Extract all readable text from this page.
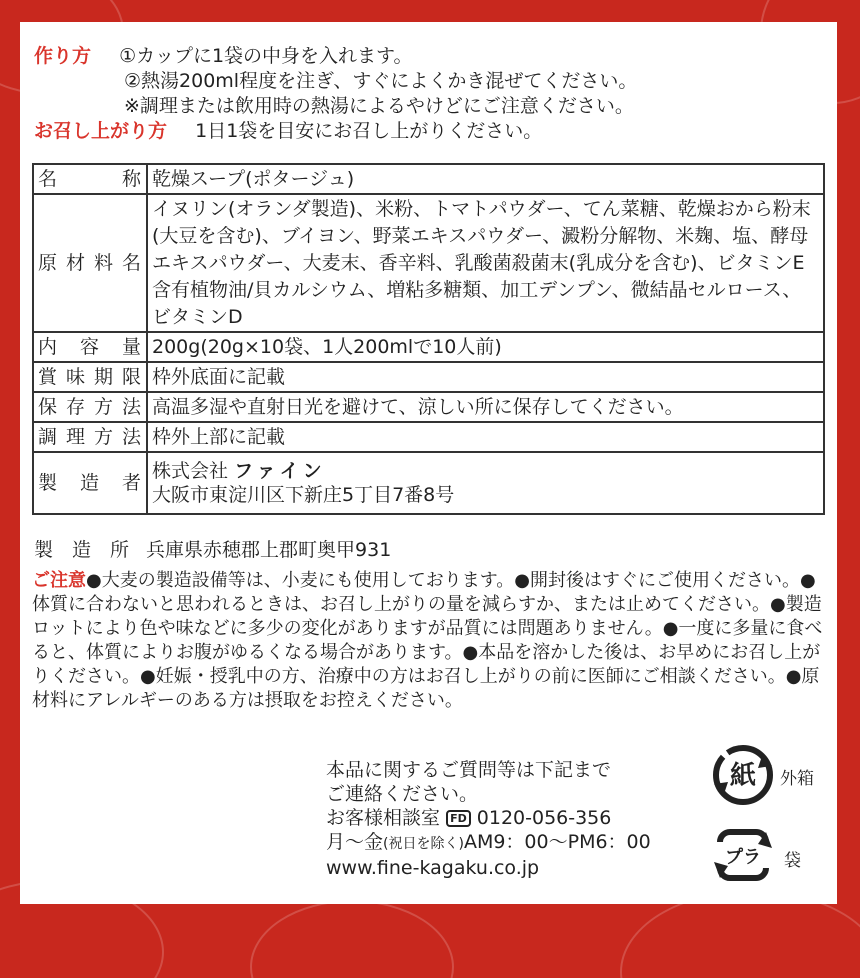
作り方 ①カップに1袋の中身を入れます。
②熱湯200ml程度を注ぎ、すぐによくかき混ぜてください。
※調理または飲用時の熱湯によるやけどにご注意ください。
お召し上がり方 1日1袋を目安にお召し上がりください。
名　　称	乾燥スープ(ポタージュ)
原材料名	イヌリン(オランダ製造)、米粉、トマトパウダー、てん菜糖、乾燥おから粉末(大豆を含む)、ブイヨン、野菜エキスパウダー、澱粉分解物、米麹、塩、酵母エキスパウダー、大麦末、香辛料、乳酸菌殺菌末(乳成分を含む)、ビタミンE含有植物油/貝カルシウム、増粘多糖類、加工デンプン、微結晶セルロース、ビタミンD
内 容 量	200g(20g×10袋、1人200mlで10人前)
賞味期限	枠外底面に記載
保存方法	高温多湿や直射日光を避けて、涼しい所に保存してください。
調理方法	枠外上部に記載
製 造 者	株式会社 ファイン
大阪市東淀川区下新庄5丁目7番8号
製　造　所 兵庫県赤穂郡上郡町奥甲931
ご注意●大麦の製造設備等は、小麦にも使用しております。●開封後はすぐにご使用ください。●体質に合わないと思われるときは、お召し上がりの量を減らすか、または止めてください。●製造ロットにより色や味などに多少の変化がありますが品質には問題ありません。●一度に多量に食べると、体質によりお腹がゆるくなる場合があります。●本品を溶かした後は、お早めにお召し上がりください。●妊娠・授乳中の方、治療中の方はお召し上がりの前に医師にご相談ください。●原材料にアレルギーのある方は摂取をお控えください。
本品に関するご質問等は下記まで
ご連絡ください。
お客様相談室 FD 0120-056-356
月～金(祝日を除く)AM9：00～PM6：00
www.fine-kagaku.co.jp
紙 外箱
プラ 袋
